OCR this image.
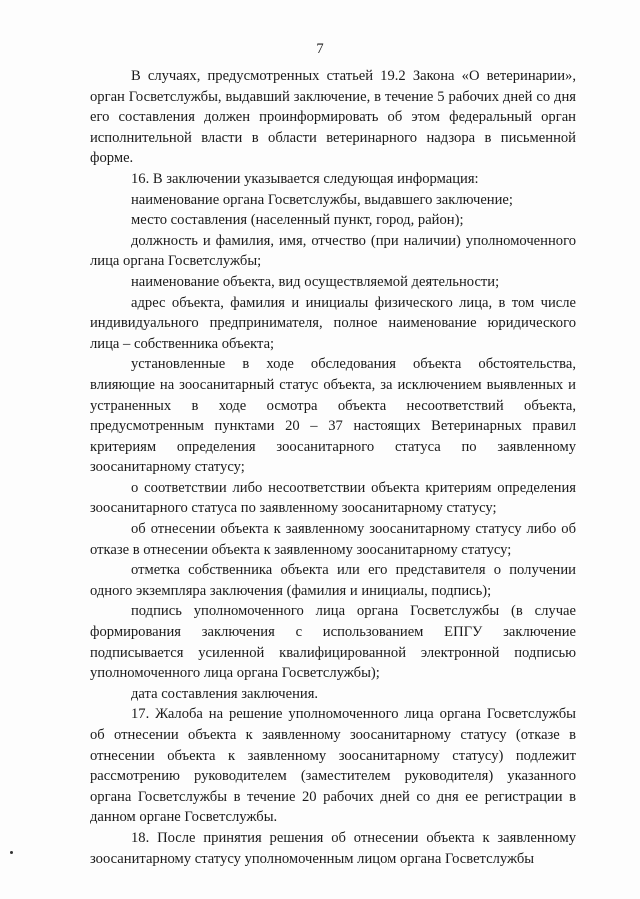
7

В случаях, предусмотренных статьей 19.2 Закона «О ветеринарии», орган Госветслужбы, выдавший заключение, в течение 5 рабочих дней со дня его составления должен проинформировать об этом федеральный орган исполнительной власти в области ветеринарного надзора в письменной форме.

16. В заключении указывается следующая информация:

наименование органа Госветслужбы, выдавшего заключение;

место составления (населенный пункт, город, район);

должность и фамилия, имя, отчество (при наличии) уполномоченного лица органа Госветслужбы;

наименование объекта, вид осуществляемой деятельности;

адрес объекта, фамилия и инициалы физического лица, в том числе индивидуального предпринимателя, полное наименование юридического лица – собственника объекта;

установленные в ходе обследования объекта обстоятельства, влияющие на зоосанитарный статус объекта, за исключением выявленных и устраненных в ходе осмотра объекта несоответствий объекта, предусмотренным пунктами 20 – 37 настоящих Ветеринарных правил критериям определения зоосанитарного статуса по заявленному зоосанитарному статусу;

о соответствии либо несоответствии объекта критериям определения зоосанитарного статуса по заявленному зоосанитарному статусу;

об отнесении объекта к заявленному зоосанитарному статусу либо об отказе в отнесении объекта к заявленному зоосанитарному статусу;

отметка собственника объекта или его представителя о получении одного экземпляра заключения (фамилия и инициалы, подпись);

подпись уполномоченного лица органа Госветслужбы (в случае формирования заключения с использованием ЕПГУ заключение подписывается усиленной квалифицированной электронной подписью уполномоченного лица органа Госветслужбы);

дата составления заключения.

17. Жалоба на решение уполномоченного лица органа Госветслужбы об отнесении объекта к заявленному зоосанитарному статусу (отказе в отнесении объекта к заявленному зоосанитарному статусу) подлежит рассмотрению руководителем (заместителем руководителя) указанного органа Госветслужбы в течение 20 рабочих дней со дня ее регистрации в данном органе Госветслужбы.

18. После принятия решения об отнесении объекта к заявленному зоосанитарному статусу уполномоченным лицом органа Госветслужбы
